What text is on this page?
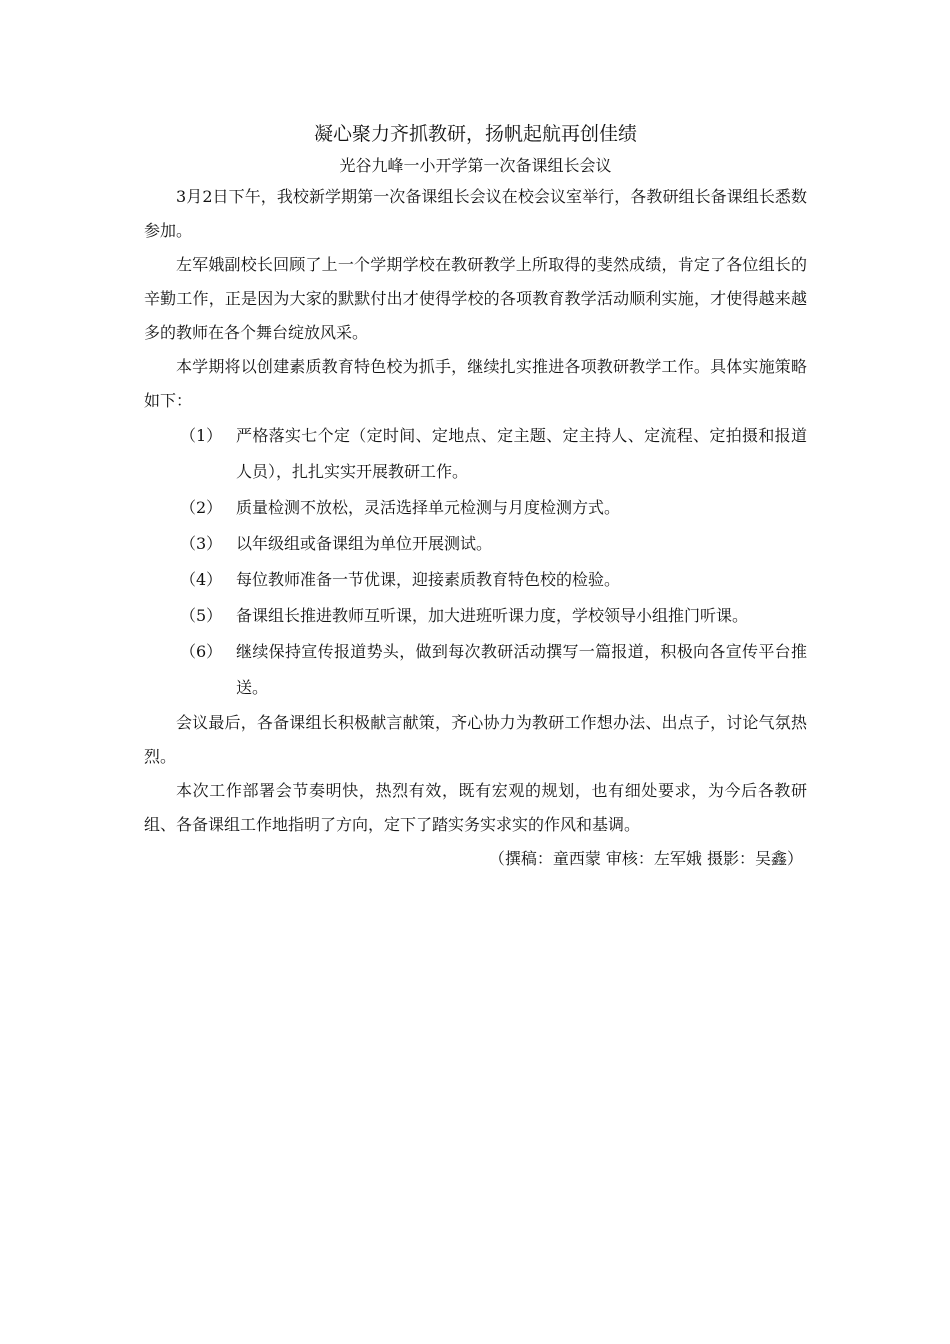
凝心聚力齐抓教研，扬帆起航再创佳绩

光谷九峰一小开学第一次备课组长会议

3月2日下午，我校新学期第一次备课组长会议在校会议室举行，各教研组长备课组长悉数参加。

左军娥副校长回顾了上一个学期学校在教研教学上所取得的斐然成绩，肯定了各位组长的辛勤工作，正是因为大家的默默付出才使得学校的各项教育教学活动顺利实施，才使得越来越多的教师在各个舞台绽放风采。

本学期将以创建素质教育特色校为抓手，继续扎实推进各项教研教学工作。具体实施策略如下：

（1） 严格落实七个定（定时间、定地点、定主题、定主持人、定流程、定拍摄和报道人员），扎扎实实开展教研工作。
（2） 质量检测不放松，灵活选择单元检测与月度检测方式。
（3） 以年级组或备课组为单位开展测试。
（4） 每位教师准备一节优课，迎接素质教育特色校的检验。
（5） 备课组长推进教师互听课，加大进班听课力度，学校领导小组推门听课。
（6） 继续保持宣传报道势头，做到每次教研活动撰写一篇报道，积极向各宣传平台推送。

会议最后，各备课组长积极献言献策，齐心协力为教研工作想办法、出点子，讨论气氛热烈。

本次工作部署会节奏明快，热烈有效，既有宏观的规划，也有细处要求，为今后各教研组、各备课组工作地指明了方向，定下了踏实务实求实的作风和基调。

（撰稿：童西蒙 审核：左军娥 摄影：吴鑫）
